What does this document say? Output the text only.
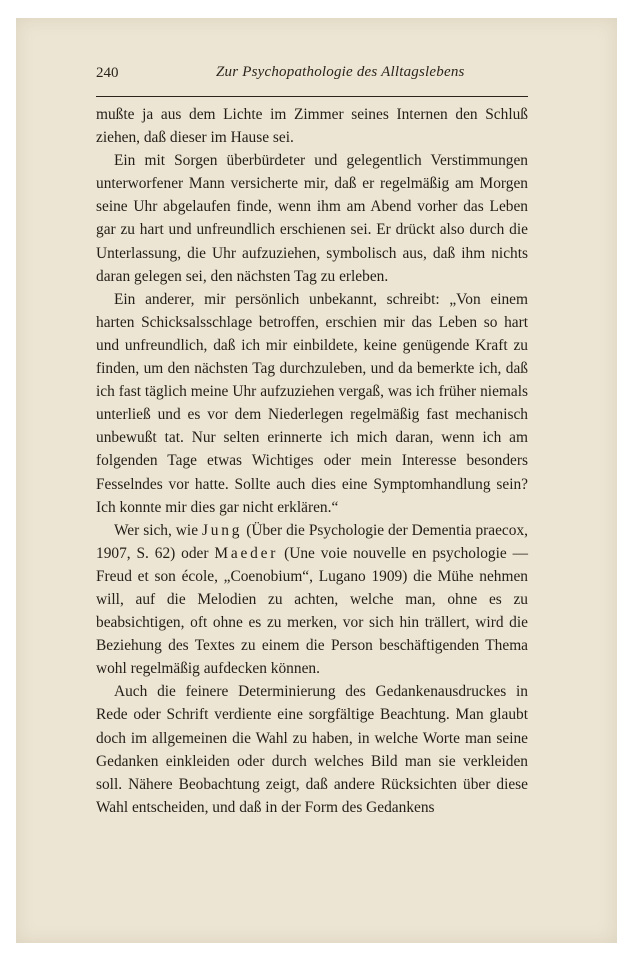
240	Zur Psychopathologie des Alltagslebens

mußte ja aus dem Lichte im Zimmer seines Internen den Schluß ziehen, daß dieser im Hause sei.

Ein mit Sorgen überbürdeter und gelegentlich Verstimmungen unterworfener Mann versicherte mir, daß er regelmäßig am Morgen seine Uhr abgelaufen finde, wenn ihm am Abend vorher das Leben gar zu hart und unfreundlich erschienen sei. Er drückt also durch die Unterlassung, die Uhr aufzuziehen, symbolisch aus, daß ihm nichts daran gelegen sei, den nächsten Tag zu erleben.

Ein anderer, mir persönlich unbekannt, schreibt: „Von einem harten Schicksalsschlage betroffen, erschien mir das Leben so hart und unfreundlich, daß ich mir einbildete, keine genügende Kraft zu finden, um den nächsten Tag durchzuleben, und da bemerkte ich, daß ich fast täglich meine Uhr aufzuziehen vergaß, was ich früher niemals unterließ und es vor dem Niederlegen regelmäßig fast mechanisch unbewußt tat. Nur selten erinnerte ich mich daran, wenn ich am folgenden Tage etwas Wichtiges oder mein Interesse besonders Fesselndes vor hatte. Sollte auch dies eine Symptomhandlung sein? Ich konnte mir dies gar nicht erklären.“

Wer sich, wie Jung (Über die Psychologie der Dementia praecox, 1907, S. 62) oder Maeder (Une voie nouvelle en psychologie — Freud et son école, „Coenobium“, Lugano 1909) die Mühe nehmen will, auf die Melodien zu achten, welche man, ohne es zu beabsichtigen, oft ohne es zu merken, vor sich hin trällert, wird die Beziehung des Textes zu einem die Person beschäftigenden Thema wohl regelmäßig aufdecken können.

Auch die feinere Determinierung des Gedankenausdruckes in Rede oder Schrift verdiente eine sorgfältige Beachtung. Man glaubt doch im allgemeinen die Wahl zu haben, in welche Worte man seine Gedanken einkleiden oder durch welches Bild man sie verkleiden soll. Nähere Beobachtung zeigt, daß andere Rücksichten über diese Wahl entscheiden, und daß in der Form des Gedankens
